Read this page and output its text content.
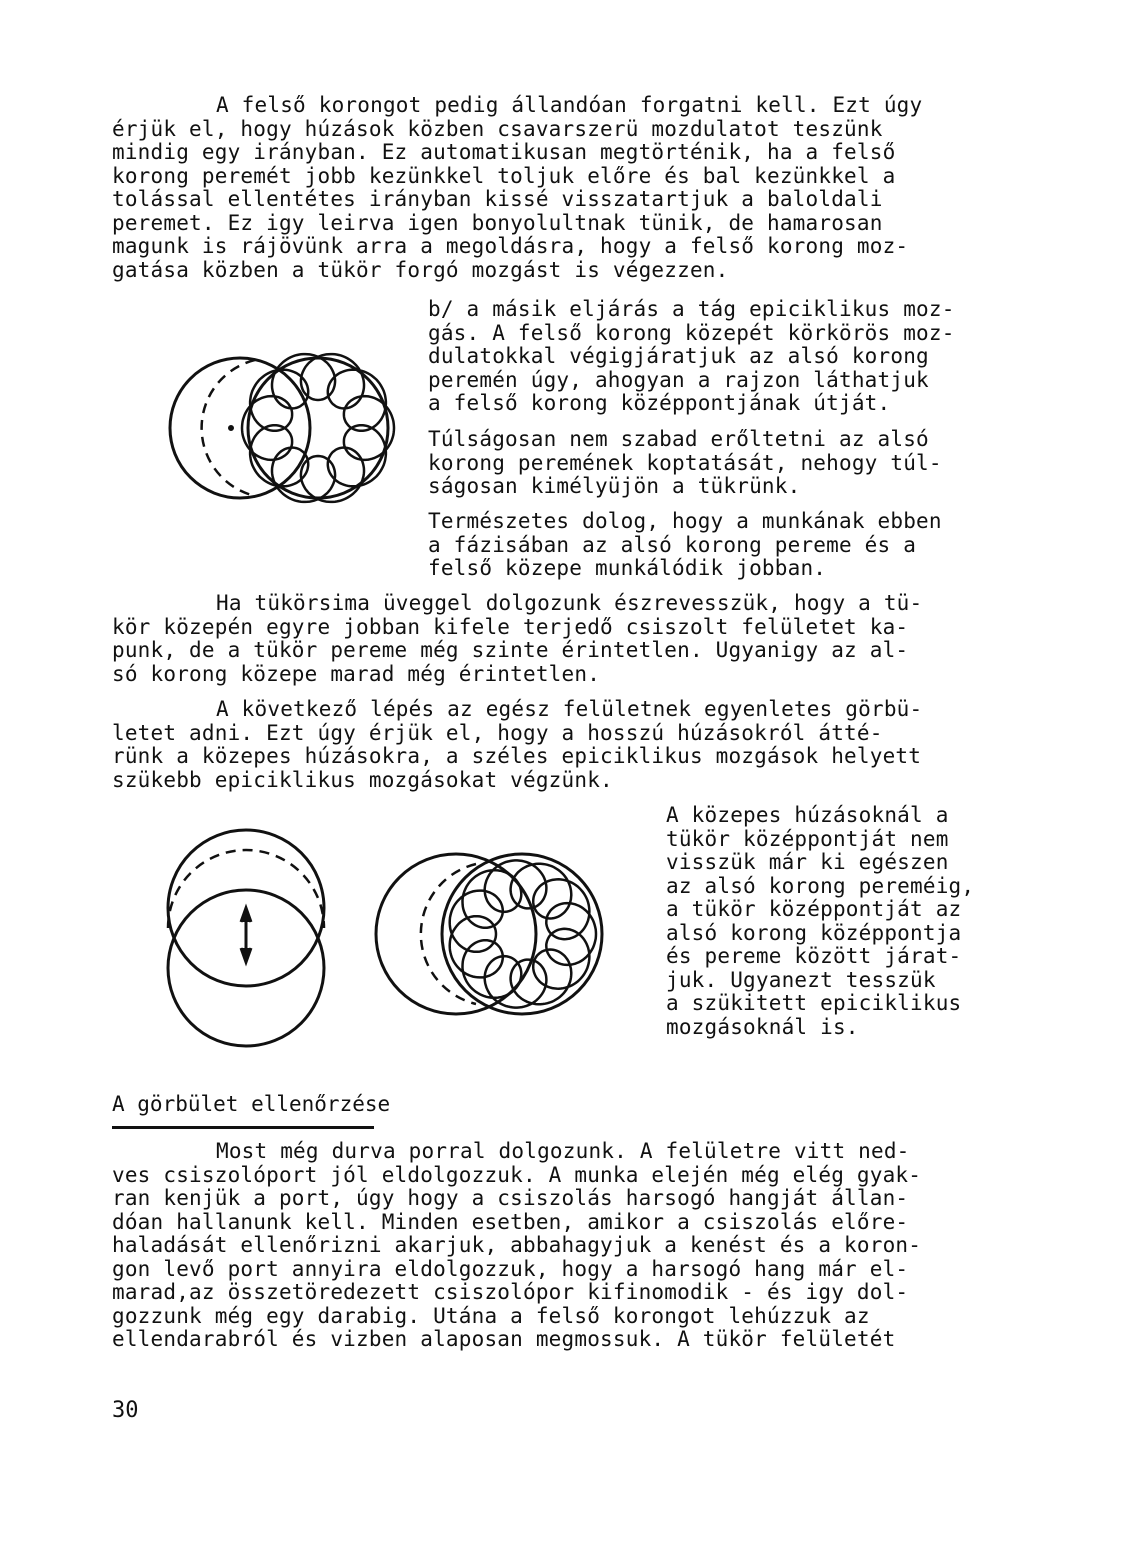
A felső korongot pedig állandóan forgatni kell. Ezt úgy
érjük el, hogy húzások közben csavarszerü mozdulatot teszünk
mindig egy irányban. Ez automatikusan megtörténik, ha a felső
korong peremét jobb kezünkkel toljuk előre és bal kezünkkel a
tolással ellentétes irányban kissé visszatartjuk a baloldali
peremet. Ez igy leirva igen bonyolultnak tünik, de hamarosan
magunk is rájövünk arra a megoldásra, hogy a felső korong moz-
gatása közben a tükör forgó mozgást is végezzen.
b/ a másik eljárás a tág epiciklikus moz-
gás. A felső korong közepét körkörös moz-
dulatokkal végigjáratjuk az alsó korong
peremén úgy, ahogyan a rajzon láthatjuk
a felső korong középpontjának útját.
Túlságosan nem szabad erőltetni az alsó
korong peremének koptatását, nehogy túl-
ságosan kimélyüjön a tükrünk.
Természetes dolog, hogy a munkának ebben
a fázisában az alsó korong pereme és a
felső közepe munkálódik jobban.
Ha tükörsima üveggel dolgozunk észrevesszük, hogy a tü-
kör közepén egyre jobban kifele terjedő csiszolt felületet ka-
punk, de a tükör pereme még szinte érintetlen. Ugyanigy az al-
só korong közepe marad még érintetlen.
A következő lépés az egész felületnek egyenletes görbü-
letet adni. Ezt úgy érjük el, hogy a hosszú húzásokról átté-
rünk a közepes húzásokra, a széles epiciklikus mozgások helyett
szükebb epiciklikus mozgásokat végzünk.
A közepes húzásoknál a
tükör középpontját nem
visszük már ki egészen
az alsó korong pereméig,
a tükör középpontját az
alsó korong középpontja
és pereme között járat-
juk. Ugyanezt tesszük
a szükitett epiciklikus
mozgásoknál is.
A görbület ellenőrzése
Most még durva porral dolgozunk. A felületre vitt ned-
ves csiszolóport jól eldolgozzuk. A munka elején még elég gyak-
ran kenjük a port, úgy hogy a csiszolás harsogó hangját állan-
dóan hallanunk kell. Minden esetben, amikor a csiszolás előre-
haladását ellenőrizni akarjuk, abbahagyjuk a kenést és a koron-
gon levő port annyira eldolgozzuk, hogy a harsogó hang már el-
marad,az összetöredezett csiszolópor kifinomodik - és igy dol-
gozzunk még egy darabig. Utána a felső korongot lehúzzuk az
ellendarabról és vizben alaposan megmossuk. A tükör felületét
30
